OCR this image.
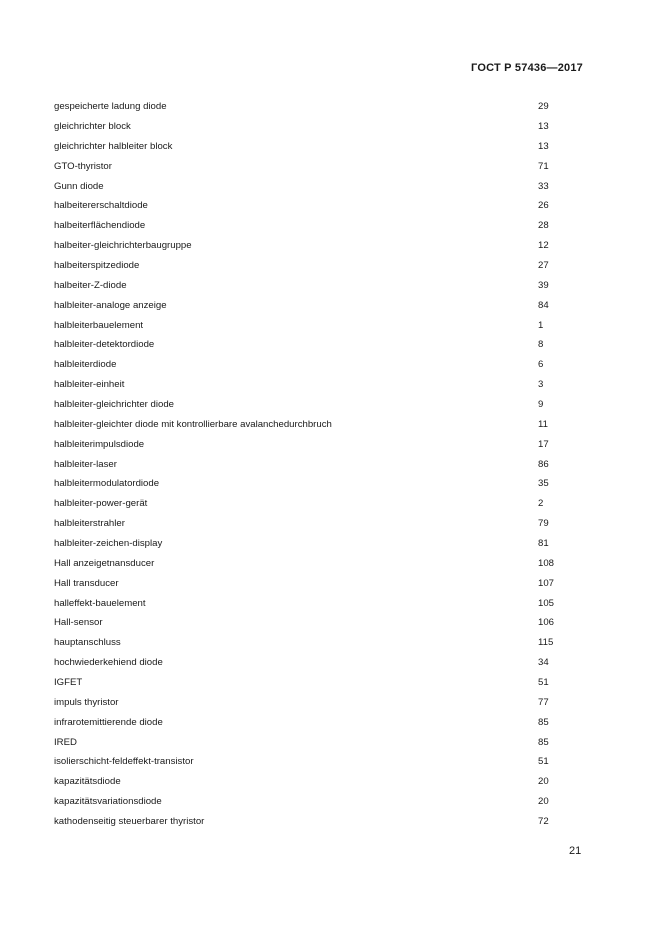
ГОСТ Р 57436—2017
gespeicherte ladung diode	29
gleichrichter block	13
gleichrichter halbleiter block	13
GTO-thyristor	71
Gunn diode	33
halbeitererschaltdiode	26
halbeiterflächendiode	28
halbeiter-gleichrichterbaugruppe	12
halbeiterspitzediode	27
halbeiter-Z-diode	39
halbleiter-analoge anzeige	84
halbleiterbauelement	1
halbleiter-detektordiode	8
halbleiterdiode	6
halbleiter-einheit	3
halbleiter-gleichrichter diode	9
halbleiter-gleichter diode mit kontrollierbare avalanchedurchbruch	11
halbleiterimpulsdiode	17
halbleiter-laser	86
halbleitermodulatordiode	35
halbleiter-power-gerät	2
halbleiterstrahler	79
halbleiter-zeichen-display	81
Hall anzeigetnansducer	108
Hall transducer	107
halleffekt-bauelement	105
Hall-sensor	106
hauptanschluss	115
hochwiederkehiend diode	34
IGFET	51
impuls thyristor	77
infrarotemittierende diode	85
IRED	85
isolierschicht-feldeffekt-transistor	51
kapazitätsdiode	20
kapazitätsvariationsdiode	20
kathodenseitig steuerbarer thyristor	72
21
